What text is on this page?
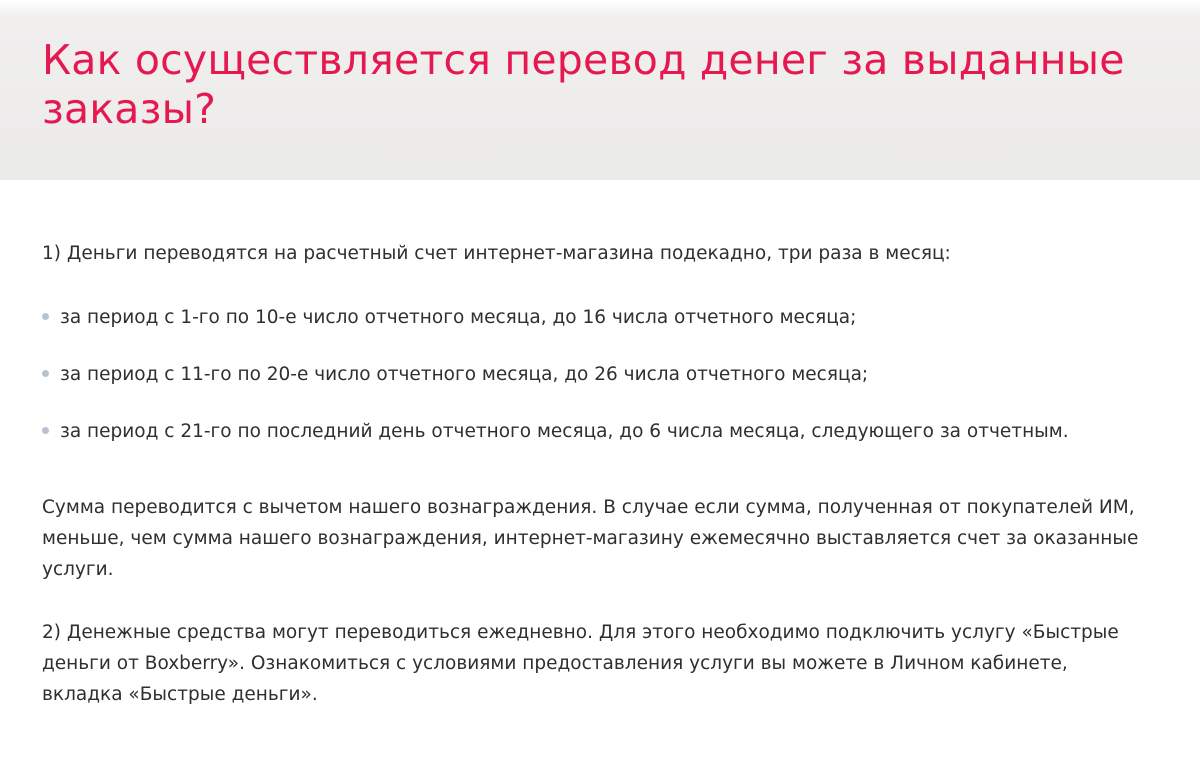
Как осуществляется перевод денег за выданные заказы?

1) Деньги переводятся на расчетный счет интернет-магазина подекадно, три раза в месяц:

за период с 1-го по 10-е число отчетного месяца, до 16 числа отчетного месяца;
за период с 11-го по 20-е число отчетного месяца, до 26 числа отчетного месяца;
за период с 21-го по последний день отчетного месяца, до 6 числа месяца, следующего за отчетным.

Сумма переводится с вычетом нашего вознаграждения. В случае если сумма, полученная от покупателей ИМ, меньше, чем сумма нашего вознаграждения, интернет-магазину ежемесячно выставляется счет за оказанные услуги.

2) Денежные средства могут переводиться ежедневно. Для этого необходимо подключить услугу «Быстрые деньги от Boxberry». Ознакомиться с условиями предоставления услуги вы можете в Личном кабинете, вкладка «Быстрые деньги».
